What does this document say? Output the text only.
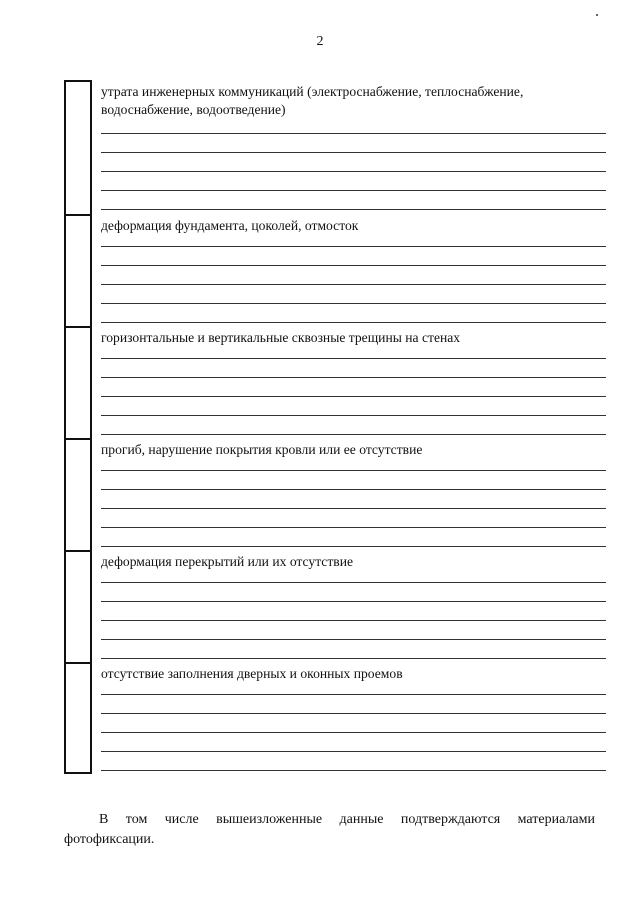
2
утрата инженерных коммуникаций (электроснабжение, теплоснабжение, водоснабжение, водоотведение)
деформация фундамента, цоколей, отмосток
горизонтальные и вертикальные сквозные трещины на стенах
прогиб, нарушение покрытия кровли или ее отсутствие
деформация перекрытий или их отсутствие
отсутствие заполнения дверных и оконных проемов
В том числе вышеизложенные данные подтверждаются материалами фотофиксации.
